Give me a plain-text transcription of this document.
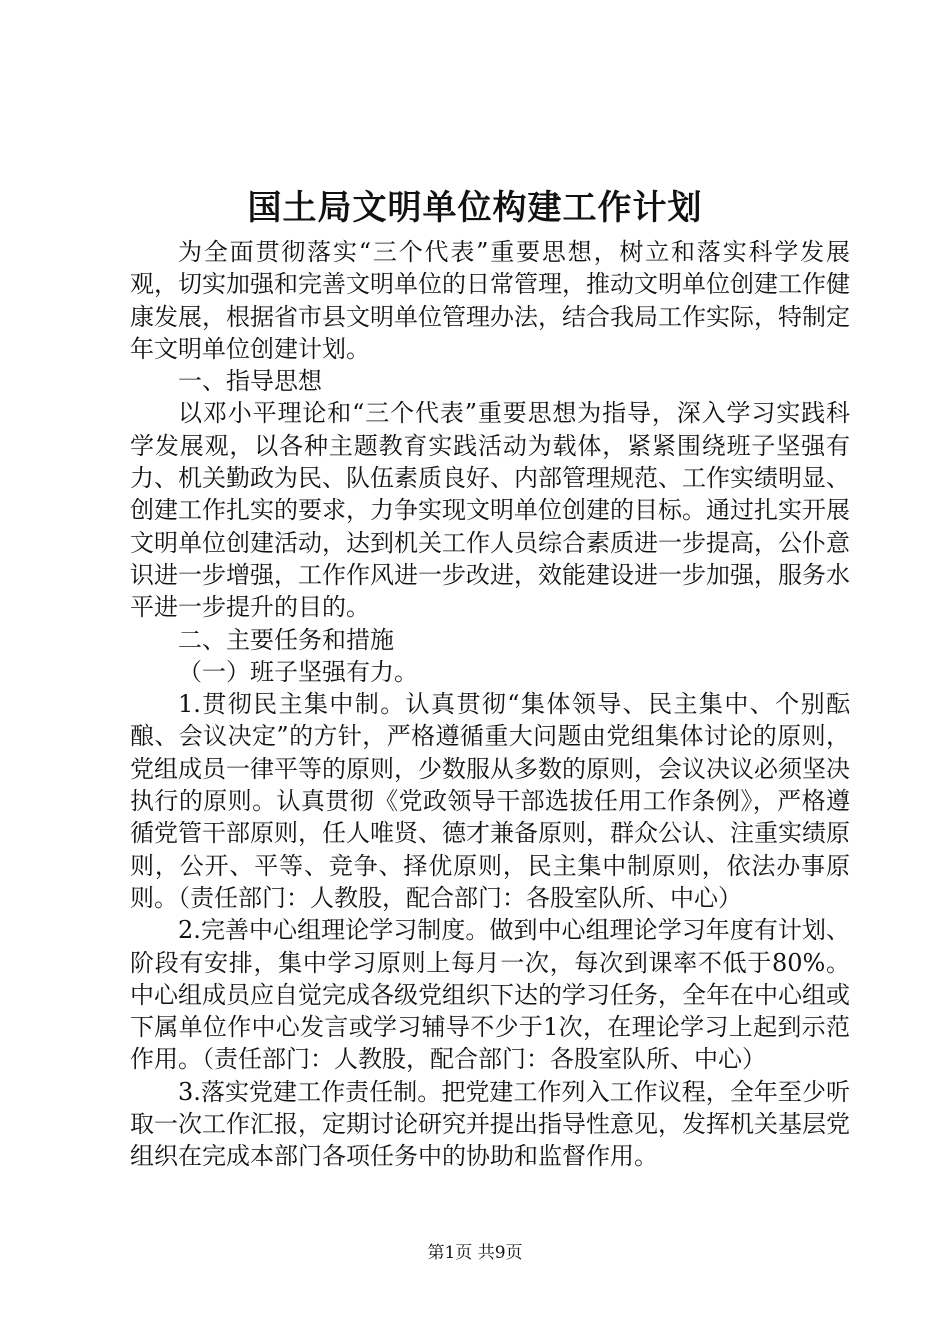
国土局文明单位构建工作计划

为全面贯彻落实“三个代表”重要思想，树立和落实科学发展观，切实加强和完善文明单位的日常管理，推动文明单位创建工作健康发展，根据省市县文明单位管理办法，结合我局工作实际，特制定年文明单位创建计划。

一、指导思想

以邓小平理论和“三个代表”重要思想为指导，深入学习实践科学发展观，以各种主题教育实践活动为载体，紧紧围绕班子坚强有力、机关勤政为民、队伍素质良好、内部管理规范、工作实绩明显、创建工作扎实的要求，力争实现文明单位创建的目标。通过扎实开展文明单位创建活动，达到机关工作人员综合素质进一步提高，公仆意识进一步增强，工作作风进一步改进，效能建设进一步加强，服务水平进一步提升的目的。

二、主要任务和措施

（一）班子坚强有力。

1.贯彻民主集中制。认真贯彻“集体领导、民主集中、个别酝酿、会议决定”的方针，严格遵循重大问题由党组集体讨论的原则，党组成员一律平等的原则，少数服从多数的原则，会议决议必须坚决执行的原则。认真贯彻《党政领导干部选拔任用工作条例》，严格遵循党管干部原则，任人唯贤、德才兼备原则，群众公认、注重实绩原则，公开、平等、竞争、择优原则，民主集中制原则，依法办事原则。（责任部门：人教股，配合部门：各股室队所、中心）

2.完善中心组理论学习制度。做到中心组理论学习年度有计划、阶段有安排，集中学习原则上每月一次，每次到课率不低于80%。中心组成员应自觉完成各级党组织下达的学习任务，全年在中心组或下属单位作中心发言或学习辅导不少于1次，在理论学习上起到示范作用。（责任部门：人教股，配合部门：各股室队所、中心）

3.落实党建工作责任制。把党建工作列入工作议程，全年至少听取一次工作汇报，定期讨论研究并提出指导性意见，发挥机关基层党组织在完成本部门各项任务中的协助和监督作用。

第1页 共9页
